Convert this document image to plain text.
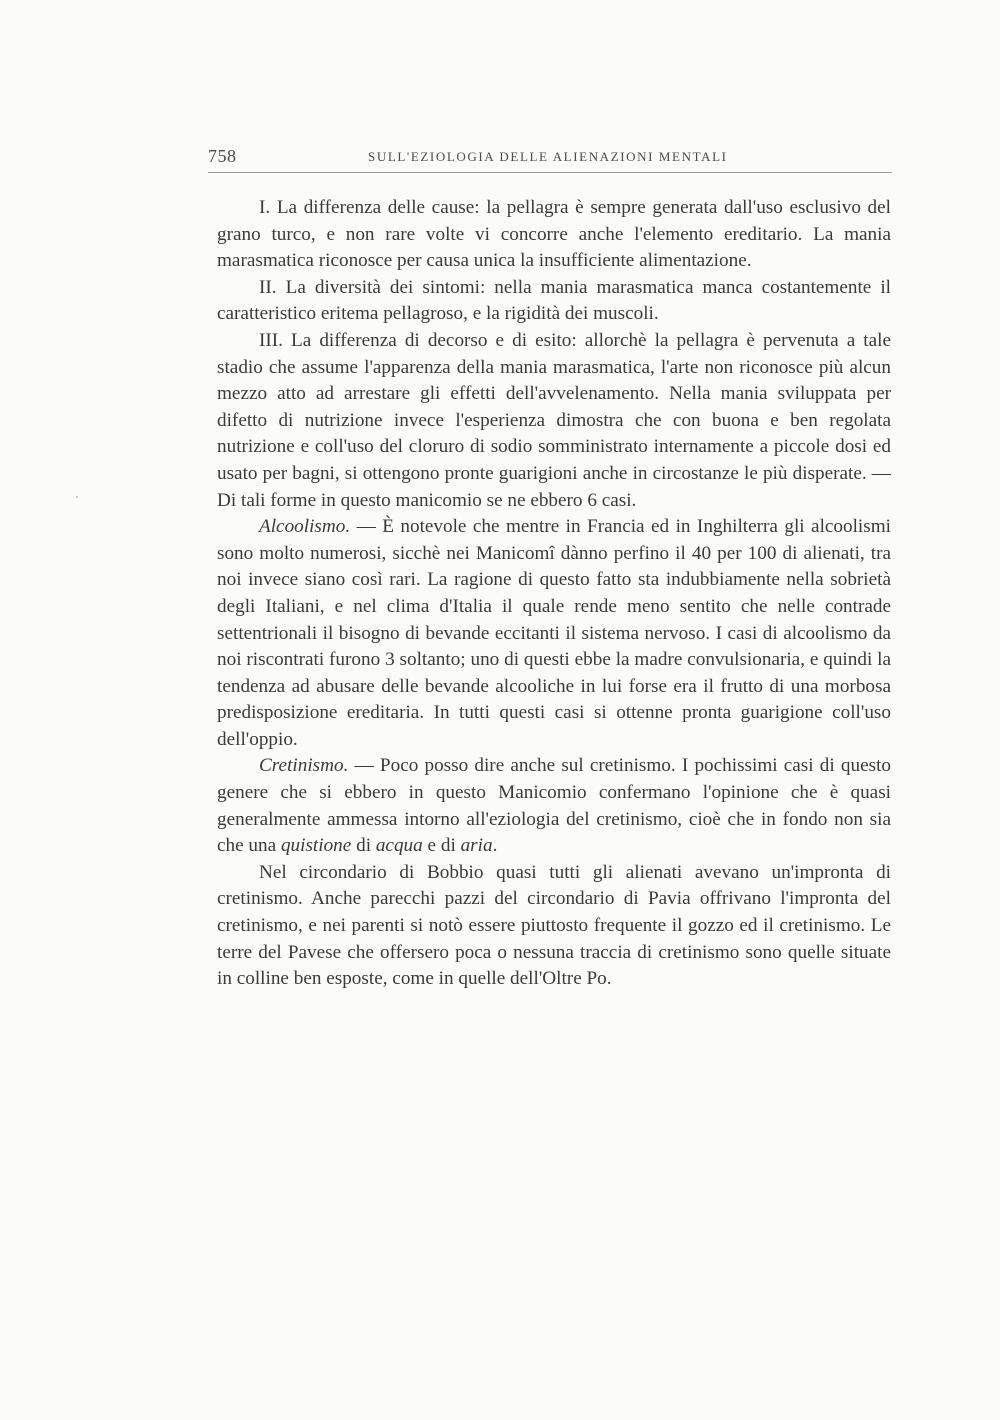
758	SULL'EZIOLOGIA DELLE ALIENAZIONI MENTALI

I. La differenza delle cause: la pellagra è sempre generata dall'uso esclusivo del grano turco, e non rare volte vi concorre anche l'elemento ereditario. La mania marasmatica riconosce per causa unica la insufficiente alimentazione.

II. La diversità dei sintomi: nella mania marasmatica manca costantemente il caratteristico eritema pellagroso, e la rigidità dei muscoli.

III. La differenza di decorso e di esito: allorchè la pellagra è pervenuta a tale stadio che assume l'apparenza della mania marasmatica, l'arte non riconosce più alcun mezzo atto ad arrestare gli effetti dell'avvelenamento. Nella mania sviluppata per difetto di nutrizione invece l'esperienza dimostra che con buona e ben regolata nutrizione e coll'uso del cloruro di sodio somministrato internamente a piccole dosi ed usato per bagni, si ottengono pronte guarigioni anche in circostanze le più disperate. — Di tali forme in questo manicomio se ne ebbero 6 casi.

Alcoolismo. — È notevole che mentre in Francia ed in Inghilterra gli alcoolismi sono molto numerosi, sicchè nei Manicomî dànno perfino il 40 per 100 di alienati, tra noi invece siano così rari. La ragione di questo fatto sta indubbiamente nella sobrietà degli Italiani, e nel clima d'Italia il quale rende meno sentito che nelle contrade settentrionali il bisogno di bevande eccitanti il sistema nervoso. I casi di alcoolismo da noi riscontrati furono 3 soltanto; uno di questi ebbe la madre convulsionaria, e quindi la tendenza ad abusare delle bevande alcooliche in lui forse era il frutto di una morbosa predisposizione ereditaria. In tutti questi casi si ottenne pronta guarigione coll'uso dell'oppio.

Cretinismo. — Poco posso dire anche sul cretinismo. I pochissimi casi di questo genere che si ebbero in questo Manicomio confermano l'opinione che è quasi generalmente ammessa intorno all'eziologia del cretinismo, cioè che in fondo non sia che una quistione di acqua e di aria.

Nel circondario di Bobbio quasi tutti gli alienati avevano un'impronta di cretinismo. Anche parecchi pazzi del circondario di Pavia offrivano l'impronta del cretinismo, e nei parenti si notò essere piuttosto frequente il gozzo ed il cretinismo. Le terre del Pavese che offersero poca o nessuna traccia di cretinismo sono quelle situate in colline ben esposte, come in quelle dell'Oltre Po.
